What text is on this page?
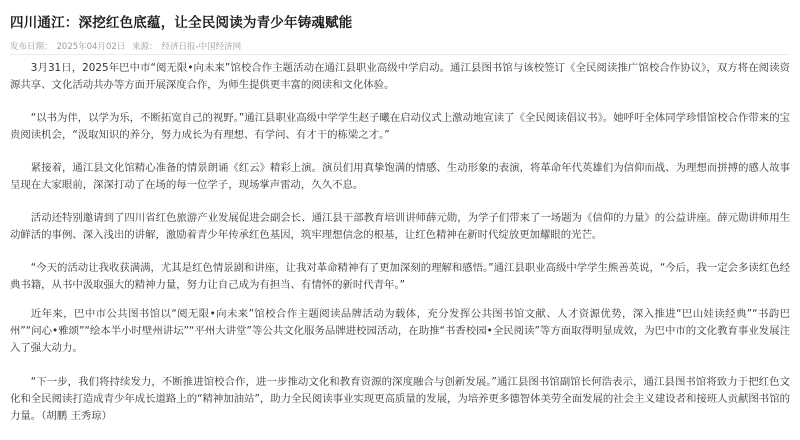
四川通江：深挖红色底蕴，让全民阅读为青少年铸魂赋能
发布日期： 2025年04月02日 来源： 经济日报-中国经济网

3月31日，2025年巴中市“阅无限•向未来”馆校合作主题活动在通江县职业高级中学启动。通江县图书馆与该校签订《全民阅读推广馆校合作协议》，双方将在阅读资源共享、文化活动共办等方面开展深度合作，为师生提供更丰富的阅读和文化体验。

“以书为伴，以学为乐，不断拓宽自己的视野。”通江县职业高级中学学生赵子曦在启动仪式上激动地宣读了《全民阅读倡议书》。她呼吁全体同学珍惜馆校合作带来的宝贵阅读机会，“汲取知识的养分，努力成长为有理想、有学问、有才干的栋梁之才。”

紧接着，通江县文化馆精心准备的情景朗诵《红云》精彩上演。演员们用真挚饱满的情感、生动形象的表演，将革命年代英雄们为信仰而战、为理想而拼搏的感人故事呈现在大家眼前，深深打动了在场的每一位学子，现场掌声雷动，久久不息。

活动还特别邀请到了四川省红色旅游产业发展促进会副会长、通江县干部教育培训讲师薛元勋，为学子们带来了一场题为《信仰的力量》的公益讲座。薛元勋讲师用生动鲜活的事例、深入浅出的讲解，激励着青少年传承红色基因，筑牢理想信念的根基，让红色精神在新时代绽放更加耀眼的光芒。

“今天的活动让我收获满满，尤其是红色情景剧和讲座，让我对革命精神有了更加深刻的理解和感悟。”通江县职业高级中学学生熊善英说，“今后，我一定会多读红色经典书籍，从书中汲取强大的精神力量，努力让自己成为有担当、有情怀的新时代青年。”

近年来，巴中市公共图书馆以“阅无限•向未来”馆校合作主题阅读品牌活动为载体，充分发挥公共图书馆文献、人才资源优势，深入推进“巴山娃读经典”“书韵巴州”“问心•雅颂”“绘本半小时壁州讲坛”“平州大讲堂”等公共文化服务品牌进校园活动，在助推“书香校园•全民阅读”等方面取得明显成效，为巴中市的文化教育事业发展注入了强大动力。

“下一步，我们将持续发力，不断推进馆校合作，进一步推动文化和教育资源的深度融合与创新发展。”通江县图书馆副馆长何浩表示，通江县图书馆将致力于把红色文化和全民阅读打造成青少年成长道路上的“精神加油站”，助力全民阅读事业实现更高质量的发展，为培养更多德智体美劳全面发展的社会主义建设者和接班人贡献图书馆的力量。（胡鹏 王秀琼）
